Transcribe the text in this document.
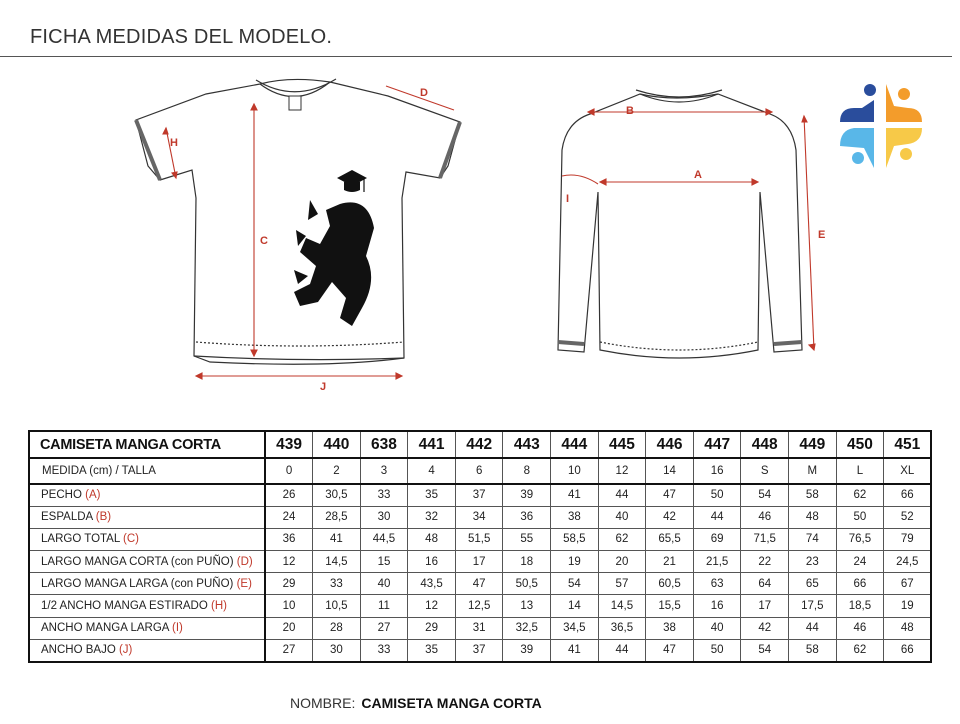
FICHA MEDIDAS DEL MODELO.
H
D
C
J
B
A
I
E
CAMISETA MANGA CORTA	439	440	638	441	442	443	444	445	446	447	448	449	450	451
MEDIDA (cm) / TALLA	0	2	3	4	6	8	10	12	14	16	S	M	L	XL
PECHO (A)	26	30,5	33	35	37	39	41	44	47	50	54	58	62	66
ESPALDA (B)	24	28,5	30	32	34	36	38	40	42	44	46	48	50	52
LARGO TOTAL (C)	36	41	44,5	48	51,5	55	58,5	62	65,5	69	71,5	74	76,5	79
LARGO MANGA CORTA (con PUÑO) (D)	12	14,5	15	16	17	18	19	20	21	21,5	22	23	24	24,5
LARGO MANGA LARGA (con PUÑO) (E)	29	33	40	43,5	47	50,5	54	57	60,5	63	64	65	66	67
1/2 ANCHO MANGA ESTIRADO (H)	10	10,5	11	12	12,5	13	14	14,5	15,5	16	17	17,5	18,5	19
ANCHO MANGA LARGA (I)	20	28	27	29	31	32,5	34,5	36,5	38	40	42	44	46	48
ANCHO BAJO (J)	27	30	33	35	37	39	41	44	47	50	54	58	62	66
NOMBRE: CAMISETA MANGA CORTA
